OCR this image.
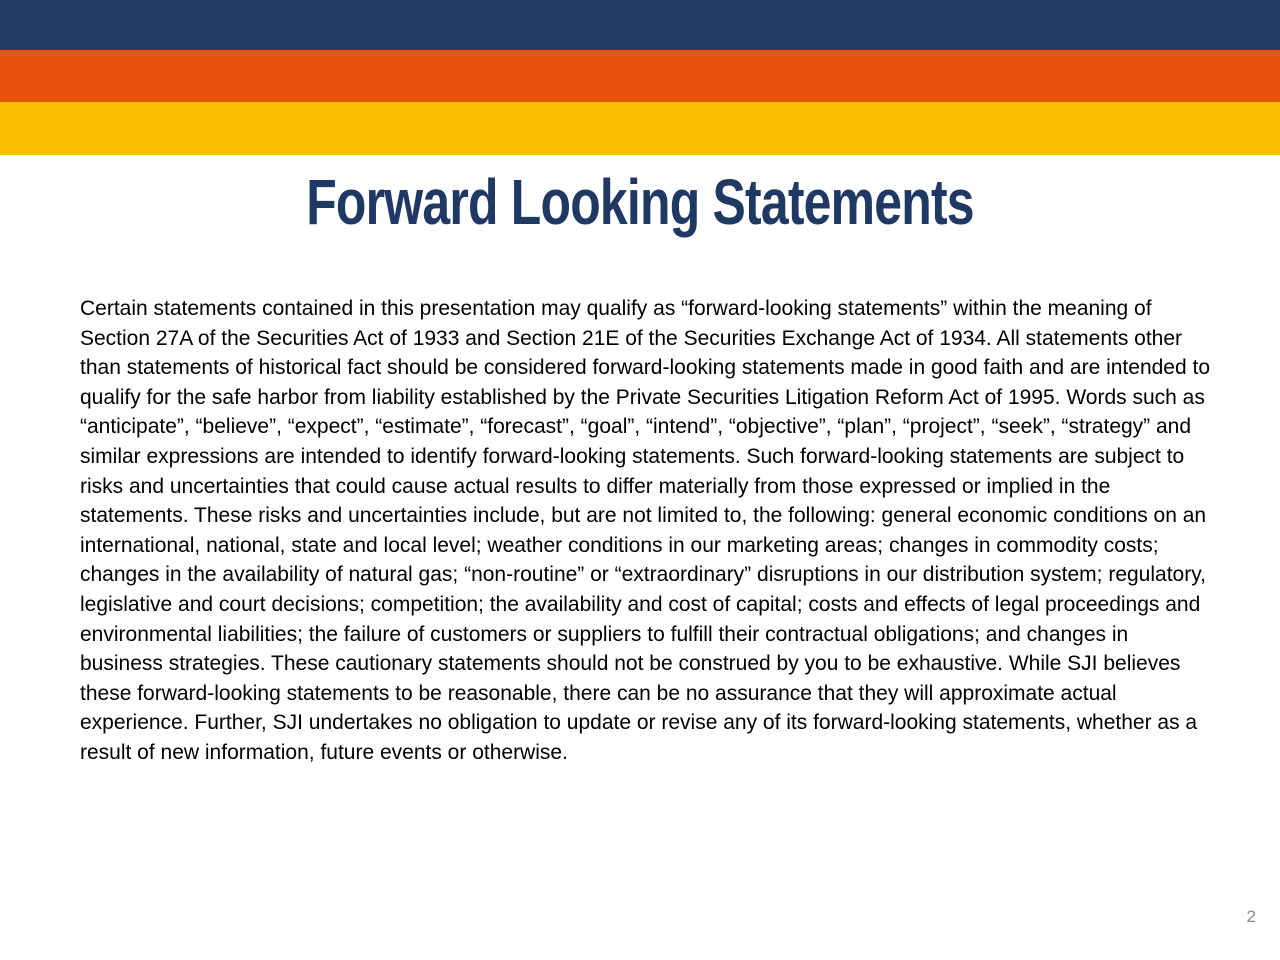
Forward Looking Statements

Certain statements contained in this presentation may qualify as “forward-looking statements” within the meaning of Section 27A of the Securities Act of 1933 and Section 21E of the Securities Exchange Act of 1934. All statements other than statements of historical fact should be considered forward-looking statements made in good faith and are intended to qualify for the safe harbor from liability established by the Private Securities Litigation Reform Act of 1995. Words such as “anticipate”, “believe”, “expect”, “estimate”, “forecast”, “goal”, “intend”, “objective”, “plan”, “project”, “seek”, “strategy” and similar expressions are intended to identify forward-looking statements. Such forward-looking statements are subject to risks and uncertainties that could cause actual results to differ materially from those expressed or implied in the statements. These risks and uncertainties include, but are not limited to, the following: general economic conditions on an international, national, state and local level; weather conditions in our marketing areas; changes in commodity costs; changes in the availability of natural gas; “non-routine” or “extraordinary” disruptions in our distribution system; regulatory, legislative and court decisions; competition; the availability and cost of capital; costs and effects of legal proceedings and environmental liabilities; the failure of customers or suppliers to fulfill their contractual obligations; and changes in business strategies. These cautionary statements should not be construed by you to be exhaustive. While SJI believes these forward-looking statements to be reasonable, there can be no assurance that they will approximate actual experience. Further, SJI undertakes no obligation to update or revise any of its forward-looking statements, whether as a result of new information, future events or otherwise.

2
